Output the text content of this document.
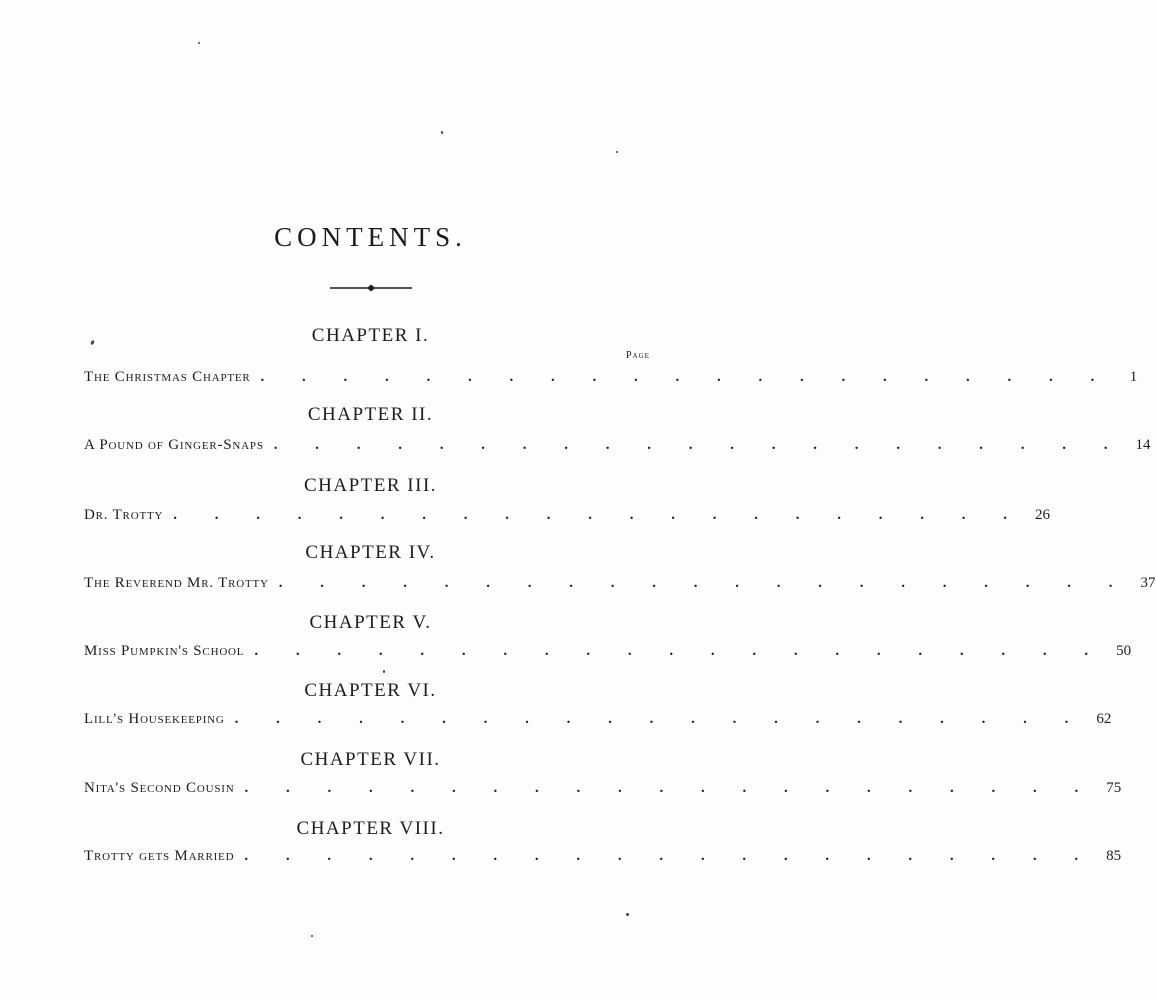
CONTENTS.
Page
CHAPTER I.
The Christmas Chapter . . . . . . . . . . . . . . . . . . . . .	1
CHAPTER II.
A Pound of Ginger-Snaps . . . . . . . . . . . . . . . . . . . . . 14
CHAPTER III.
Dr. Trotty . . . . . . . . . . . . . . . . . . . . . 26
CHAPTER IV.
The Reverend Mr. Trotty . . . . . . . . . . . . . . . . . . . . . 37
CHAPTER V.
Miss Pumpkin's School . . . . . . . . . . . . . . . . . . . . . 50
CHAPTER VI.
Lill's Housekeeping . . . . . . . . . . . . . . . . . . . . . 62
CHAPTER VII.
Nita's Second Cousin . . . . . . . . . . . . . . . . . . . . . 75
CHAPTER VIII.
Trotty gets Married . . . . . . . . . . . . . . . . . . . . . 85
